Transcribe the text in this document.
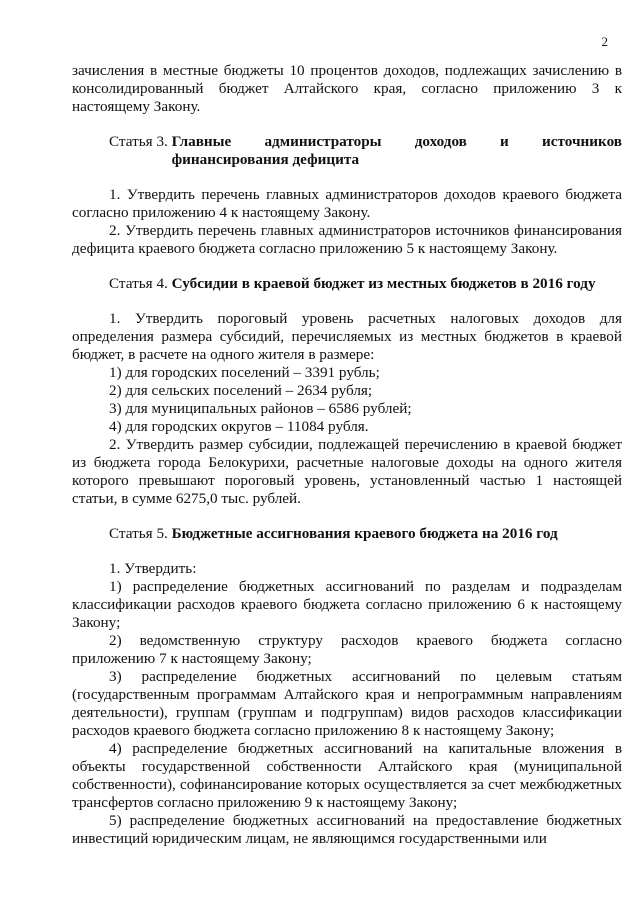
2

зачисления в местные бюджеты 10 процентов доходов, подлежащих зачислению в консолидированный бюджет Алтайского края, согласно приложению 3 к настоящему Закону.

Статья 3. Главные администраторы доходов и источников финансирования дефицита

1. Утвердить перечень главных администраторов доходов краевого бюджета согласно приложению 4 к настоящему Закону.

2. Утвердить перечень главных администраторов источников финансирования дефицита краевого бюджета согласно приложению 5 к настоящему Закону.

Статья 4. Субсидии в краевой бюджет из местных бюджетов в 2016 году

1. Утвердить пороговый уровень расчетных налоговых доходов для определения размера субсидий, перечисляемых из местных бюджетов в краевой бюджет, в расчете на одного жителя в размере:

1) для городских поселений – 3391 рубль;

2) для сельских поселений – 2634 рубля;

3) для муниципальных районов – 6586 рублей;

4) для городских округов – 11084 рубля.

2. Утвердить размер субсидии, подлежащей перечислению в краевой бюджет из бюджета города Белокурихи, расчетные налоговые доходы на одного жителя которого превышают пороговый уровень, установленный частью 1 настоящей статьи, в сумме 6275,0 тыс. рублей.

Статья 5. Бюджетные ассигнования краевого бюджета на 2016 год

1. Утвердить:

1) распределение бюджетных ассигнований по разделам и подразделам классификации расходов краевого бюджета согласно приложению 6 к настоящему Закону;

2) ведомственную структуру расходов краевого бюджета согласно приложению 7 к настоящему Закону;

3) распределение бюджетных ассигнований по целевым статьям (государственным программам Алтайского края и непрограммным направлениям деятельности), группам (группам и подгруппам) видов расходов классификации расходов краевого бюджета согласно приложению 8 к настоящему Закону;

4) распределение бюджетных ассигнований на капитальные вложения в объекты государственной собственности Алтайского края (муниципальной собственности), софинансирование которых осуществляется за счет межбюджетных трансфертов согласно приложению 9 к настоящему Закону;

5) распределение бюджетных ассигнований на предоставление бюджетных инвестиций юридическим лицам, не являющимся государственными или
